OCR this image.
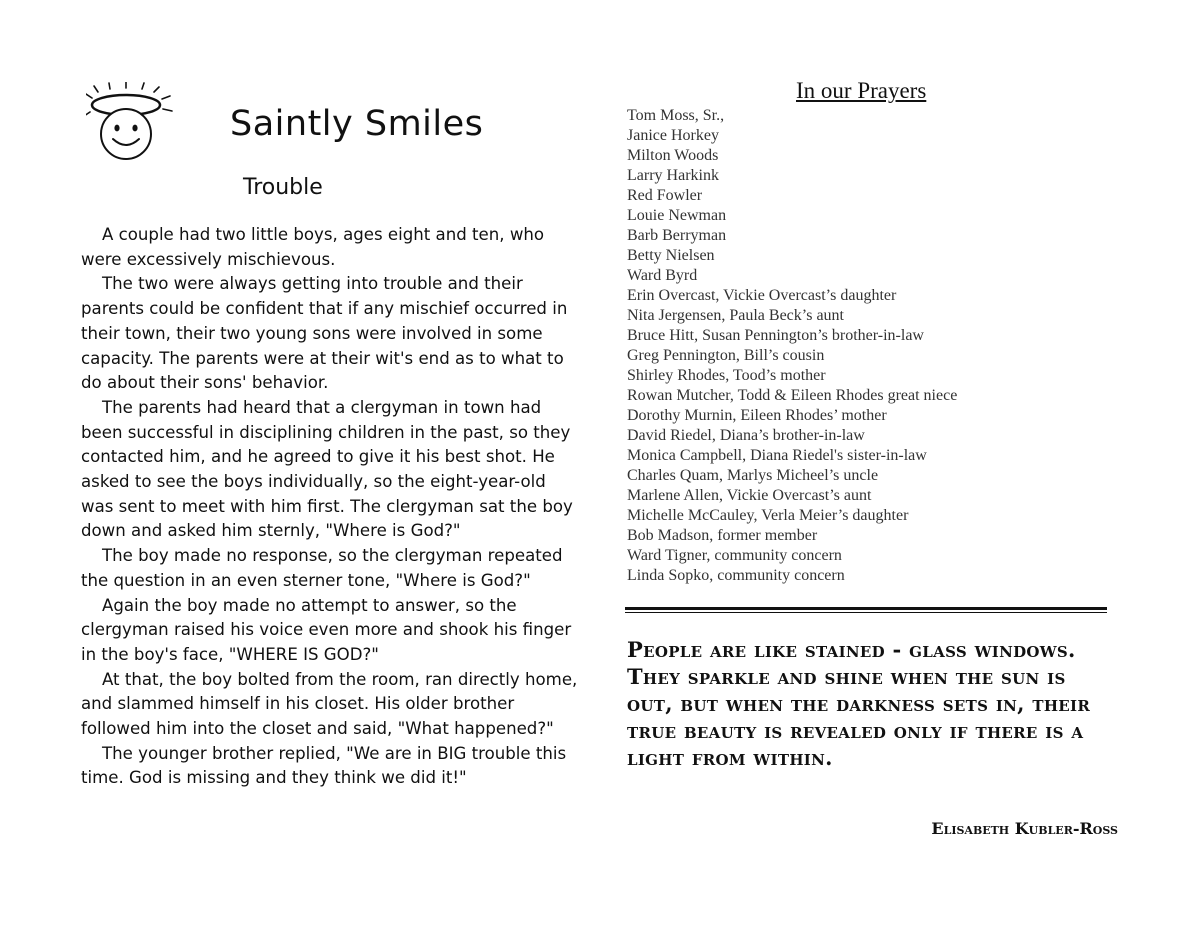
Saintly Smiles
Trouble

A couple had two little boys, ages eight and ten, who were excessively mischievous.

The two were always getting into trouble and their parents could be confident that if any mischief occurred in their town, their two young sons were involved in some capacity. The parents were at their wit's end as to what to do about their sons' behavior.

The parents had heard that a clergyman in town had been successful in disciplining children in the past, so they contacted him, and he agreed to give it his best shot. He asked to see the boys individually, so the eight-year-old was sent to meet with him first. The clergyman sat the boy down and asked him sternly, "Where is God?"

The boy made no response, so the clergyman repeated the question in an even sterner tone, "Where is God?"

Again the boy made no attempt to answer, so the clergyman raised his voice even more and shook his finger in the boy's face, "WHERE IS GOD?"

At that, the boy bolted from the room, ran directly home, and slammed himself in his closet. His older brother followed him into the closet and said, "What happened?"

The younger brother replied, "We are in BIG trouble this time. God is missing and they think we did it!"

In our Prayers
Tom Moss, Sr.,
Janice Horkey
Milton Woods
Larry Harkink
Red Fowler
Louie Newman
Barb Berryman
Betty Nielsen
Ward Byrd
Erin Overcast, Vickie Overcast’s daughter
Nita Jergensen, Paula Beck’s aunt
Bruce Hitt, Susan Pennington’s brother-in-law
Greg Pennington, Bill’s cousin
Shirley Rhodes, Tood’s mother
Rowan Mutcher, Todd & Eileen Rhodes great niece
Dorothy Murnin, Eileen Rhodes’ mother
David Riedel, Diana’s brother-in-law
Monica Campbell, Diana Riedel's sister-in-law
Charles Quam, Marlys Micheel’s uncle
Marlene Allen, Vickie Overcast’s aunt
Michelle McCauley, Verla Meier’s daughter
Bob Madson, former member
Ward Tigner, community concern
Linda Sopko, community concern

People are like stained - glass windows. They sparkle and shine when the sun is out, but when the darkness sets in, their true beauty is revealed only if there is a light from within.

Elisabeth Kubler-Ross
